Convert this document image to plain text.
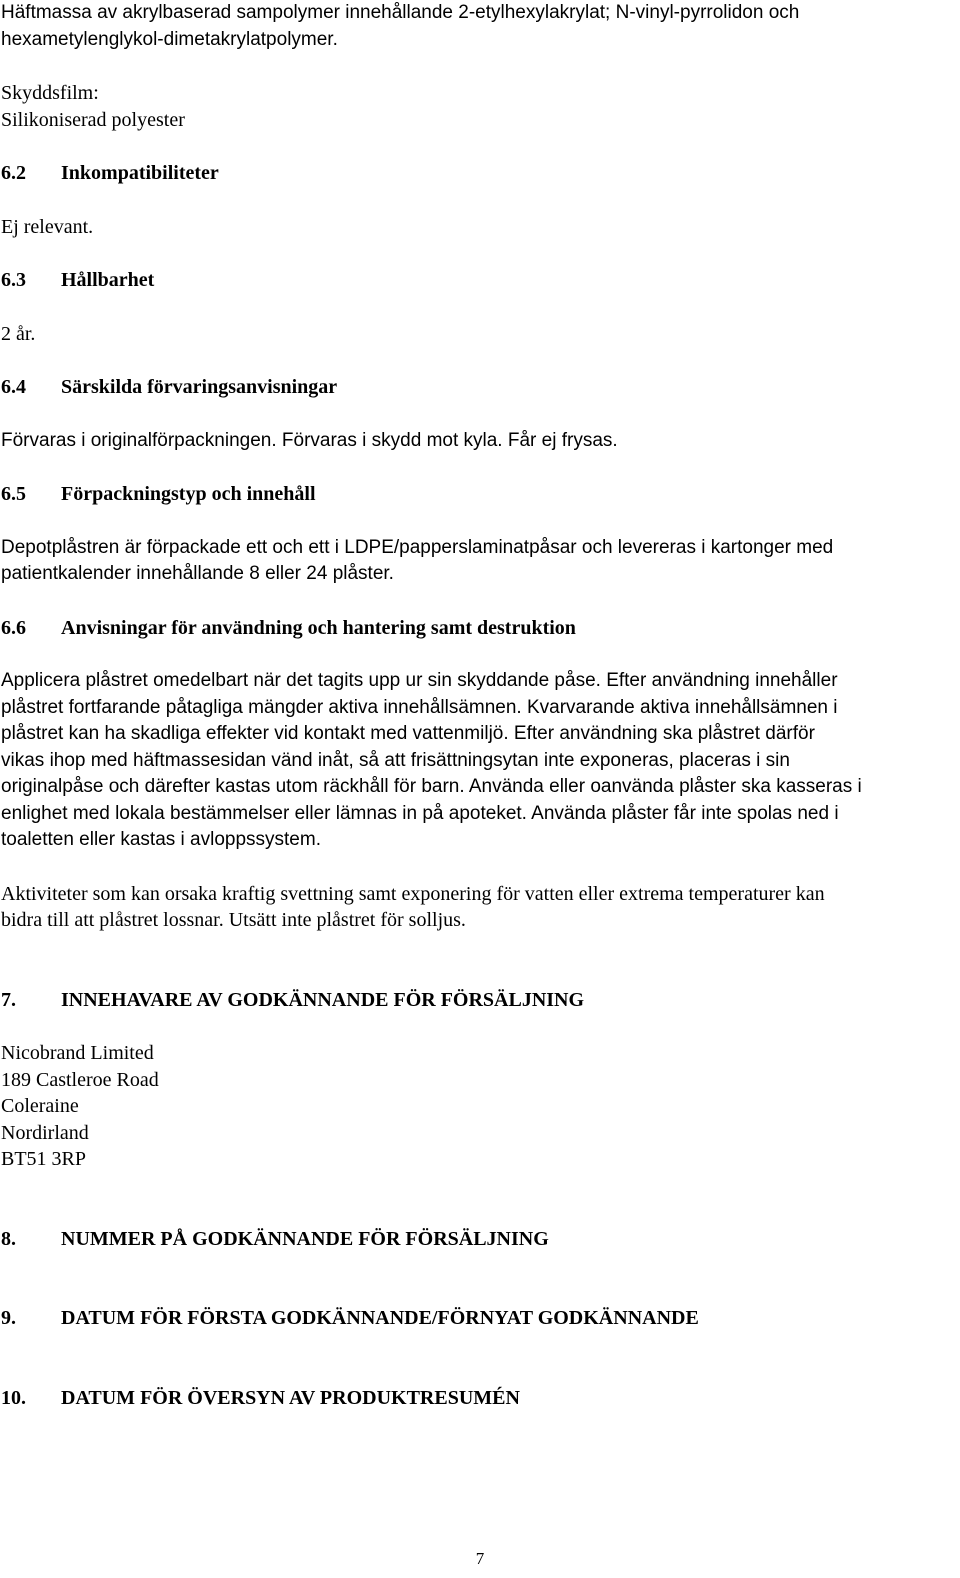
Häftmassa av akrylbaserad sampolymer innehållande 2-etylhexylakrylat; N-vinyl-pyrrolidon och
hexametylenglykol-dimetakrylatpolymer.
Skyddsfilm:
Silikoniserad polyester
6.2	Inkompatibiliteter
Ej relevant.
6.3	Hållbarhet
2 år.
6.4	Särskilda förvaringsanvisningar
Förvaras i originalförpackningen. Förvaras i skydd mot kyla. Får ej frysas.
6.5	Förpackningstyp och innehåll
Depotplåstren är förpackade ett och ett i LDPE/papperslaminatpåsar och levereras i kartonger med
patientkalender innehållande 8 eller 24 plåster.
6.6	Anvisningar för användning och hantering samt destruktion
Applicera plåstret omedelbart när det tagits upp ur sin skyddande påse. Efter användning innehåller
plåstret fortfarande påtagliga mängder aktiva innehållsämnen. Kvarvarande aktiva innehållsämnen i
plåstret kan ha skadliga effekter vid kontakt med vattenmiljö. Efter användning ska plåstret därför
vikas ihop med häftmassesidan vänd inåt, så att frisättningsytan inte exponeras, placeras i sin
originalpåse och därefter kastas utom räckhåll för barn. Använda eller oanvända plåster ska kasseras i
enlighet med lokala bestämmelser eller lämnas in på apoteket. Använda plåster får inte spolas ned i
toaletten eller kastas i avloppssystem.
Aktiviteter som kan orsaka kraftig svettning samt exponering för vatten eller extrema temperaturer kan
bidra till att plåstret lossnar. Utsätt inte plåstret för solljus.
7.	INNEHAVARE AV GODKÄNNANDE FÖR FÖRSÄLJNING
Nicobrand Limited
189 Castleroe Road
Coleraine
Nordirland
BT51 3RP
8.	NUMMER PÅ GODKÄNNANDE FÖR FÖRSÄLJNING
9.	DATUM FÖR FÖRSTA GODKÄNNANDE/FÖRNYAT GODKÄNNANDE
10.	DATUM FÖR ÖVERSYN AV PRODUKTRESUMÉN
7
